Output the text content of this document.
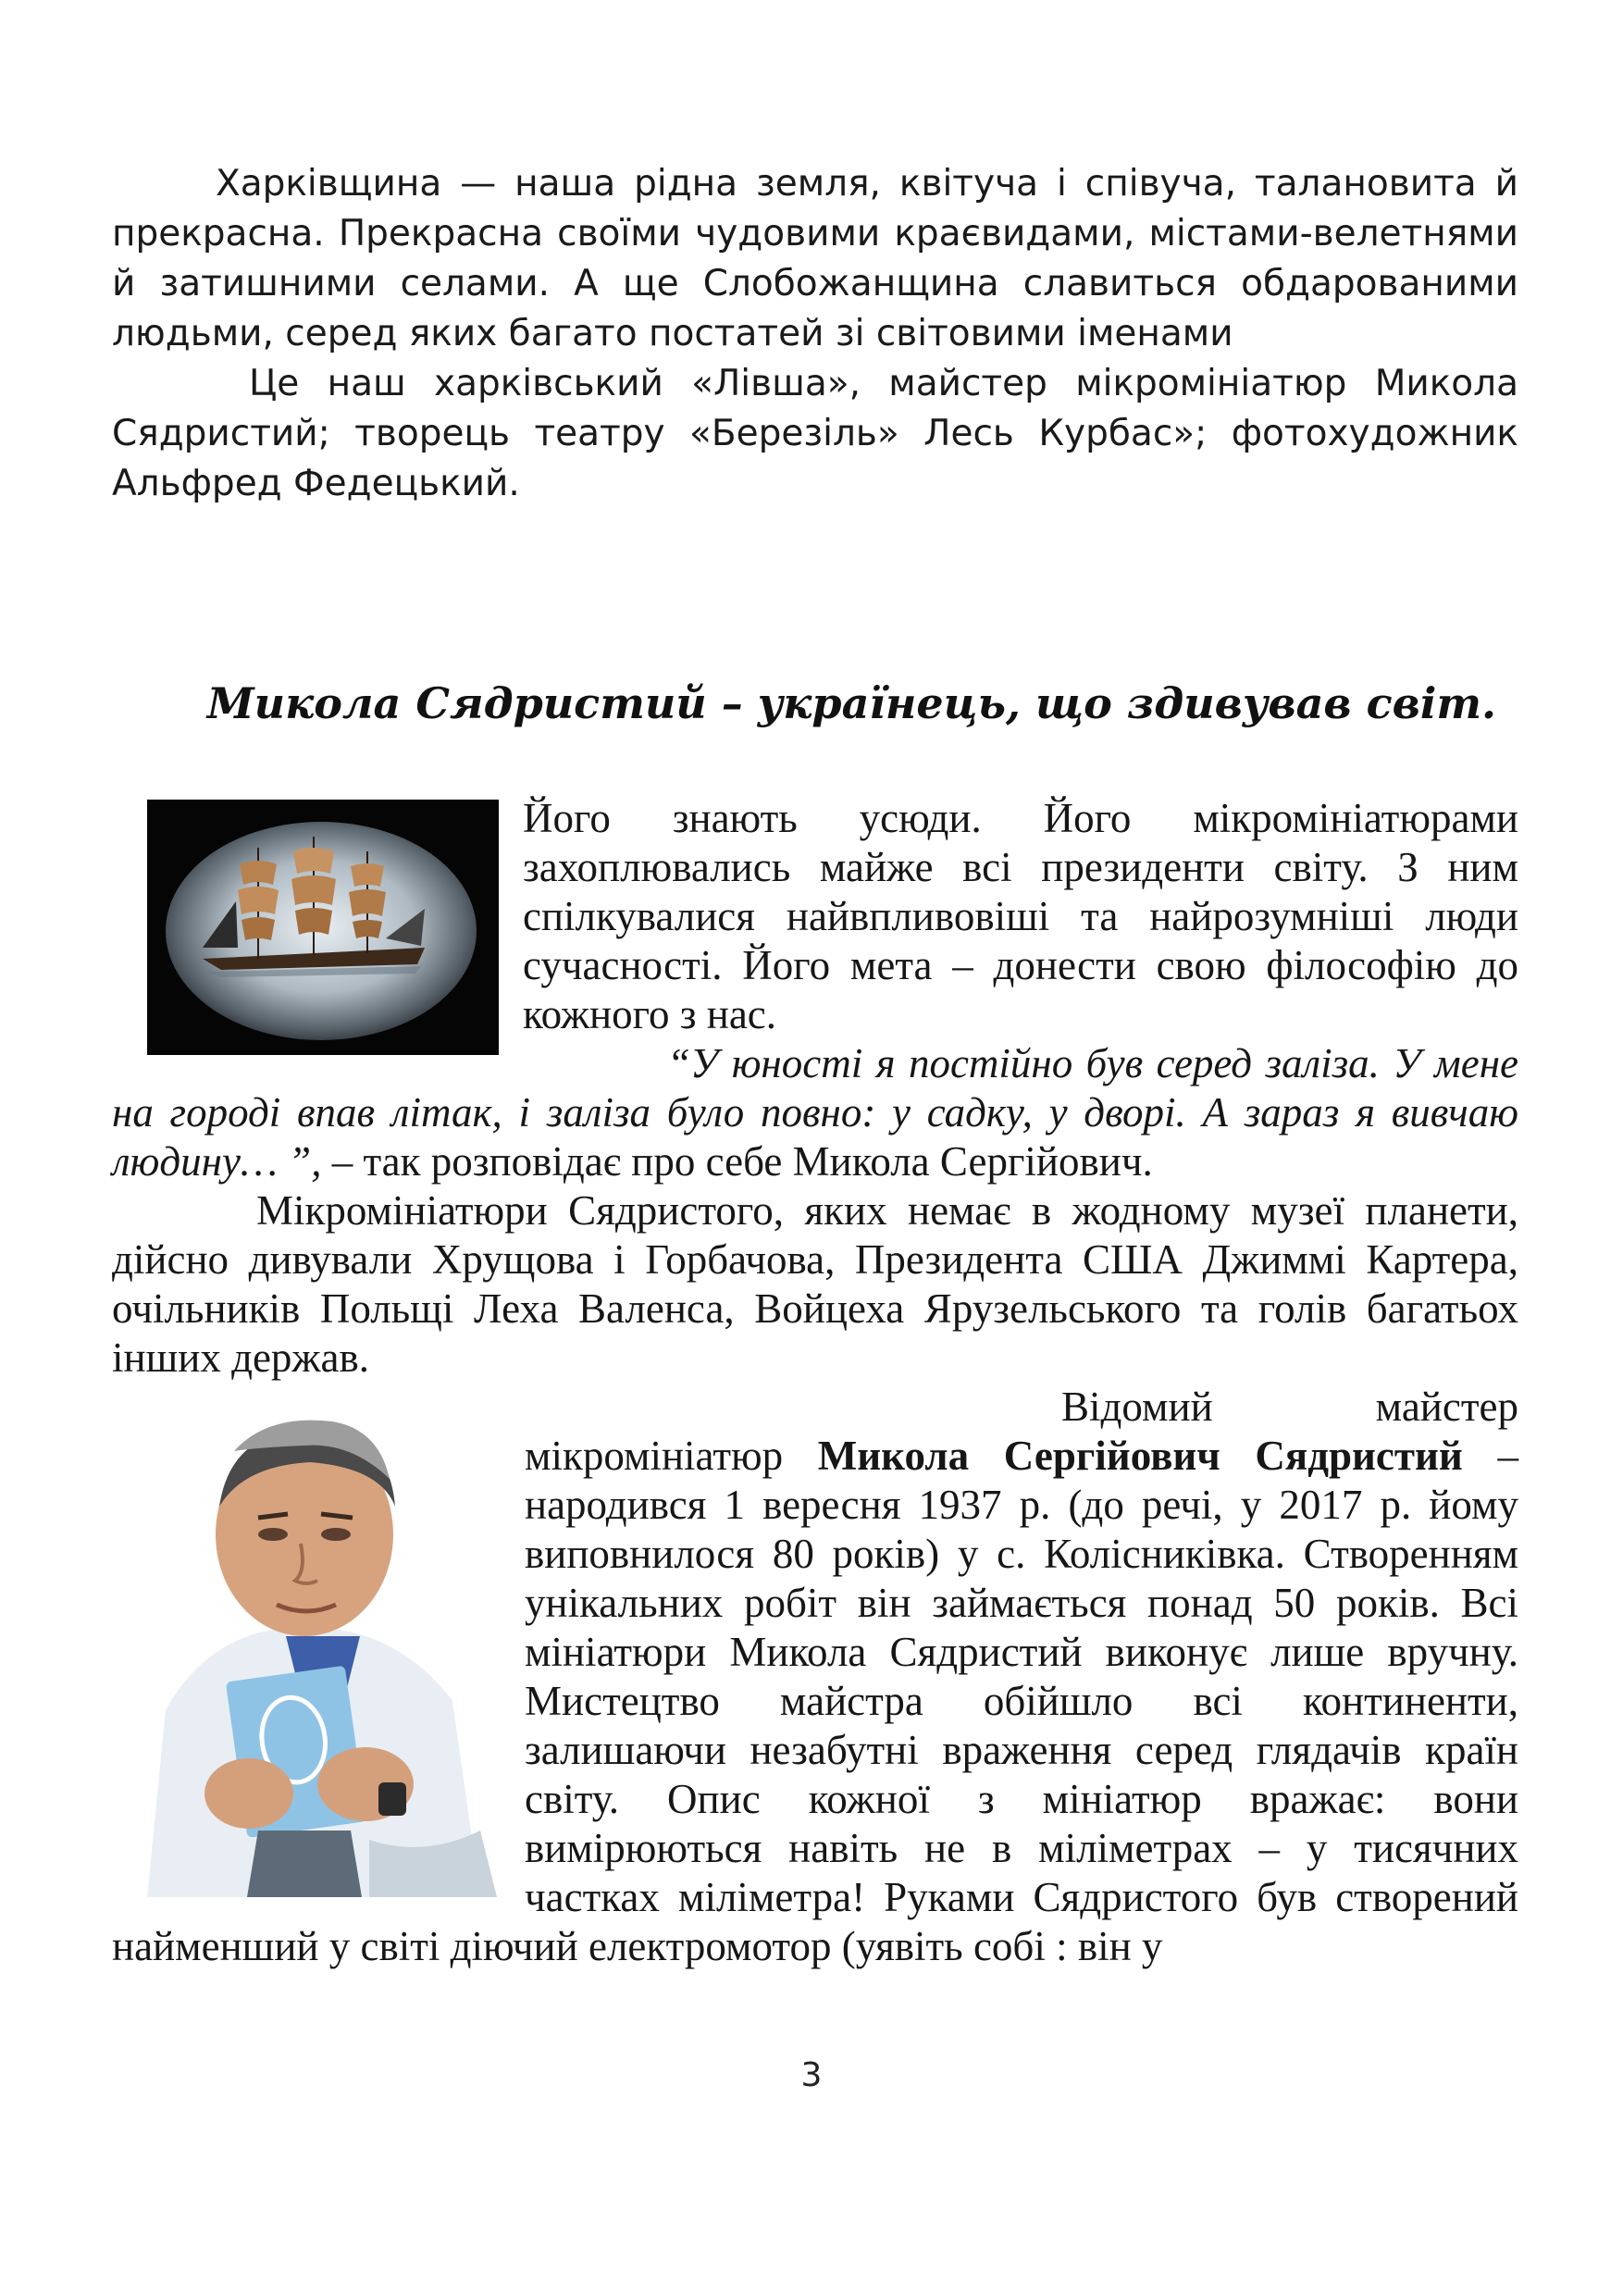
Харківщина — наша рідна земля, квітуча і співуча, талановита й прекрасна. Прекрасна своїми чудовими краєвидами, містами-велетнями й затишними селами. А ще Слобожанщина славиться обдарованими людьми, серед яких багато постатей зі світовими іменами

Це наш харківський «Лівша», майстер мікромініатюр Микола Сядристий; творець театру «Березіль» Лесь Курбас»; фотохудожник Альфред Федецький.

Микола Сядристий – українець, що здивував світ.

Його знають усюди. Його мікромініатюрами захоплювались майже всі президенти світу. З ним спілкувалися найвпливовіші та найрозумніші люди сучасності. Його мета – донести свою філософію до кожного з нас.

“У юності я постійно був серед заліза. У мене на городі впав літак, і заліза було повно: у садку, у дворі. А зараз я вивчаю людину… ”, – так розповідає про себе Микола Сергійович.

Мікромініатюри Сядристого, яких немає в жодному музеї планети, дійсно дивували Хрущова і Горбачова, Президента США Джиммі Картера, очільників Польщі Леха Валенса, Войцеха Ярузельського та голів багатьох інших держав.

Відомий майстер мікромініатюр Микола Сергійович Сядристий – народився 1 вересня 1937 р. (до речі, у 2017 р. йому виповнилося 80 років) у с. Колісниківка. Створенням унікальних робіт він займається понад 50 років. Всі мініатюри Микола Сядристий виконує лише вручну. Мистецтво майстра обійшло всі континенти, залишаючи незабутні враження серед глядачів країн світу. Опис кожної з мініатюр вражає: вони вимірюються навіть не в міліметрах – у тисячних частках міліметра! Руками Сядристого був створений найменший у світі діючий електромотор (уявіть собі : він у

3
